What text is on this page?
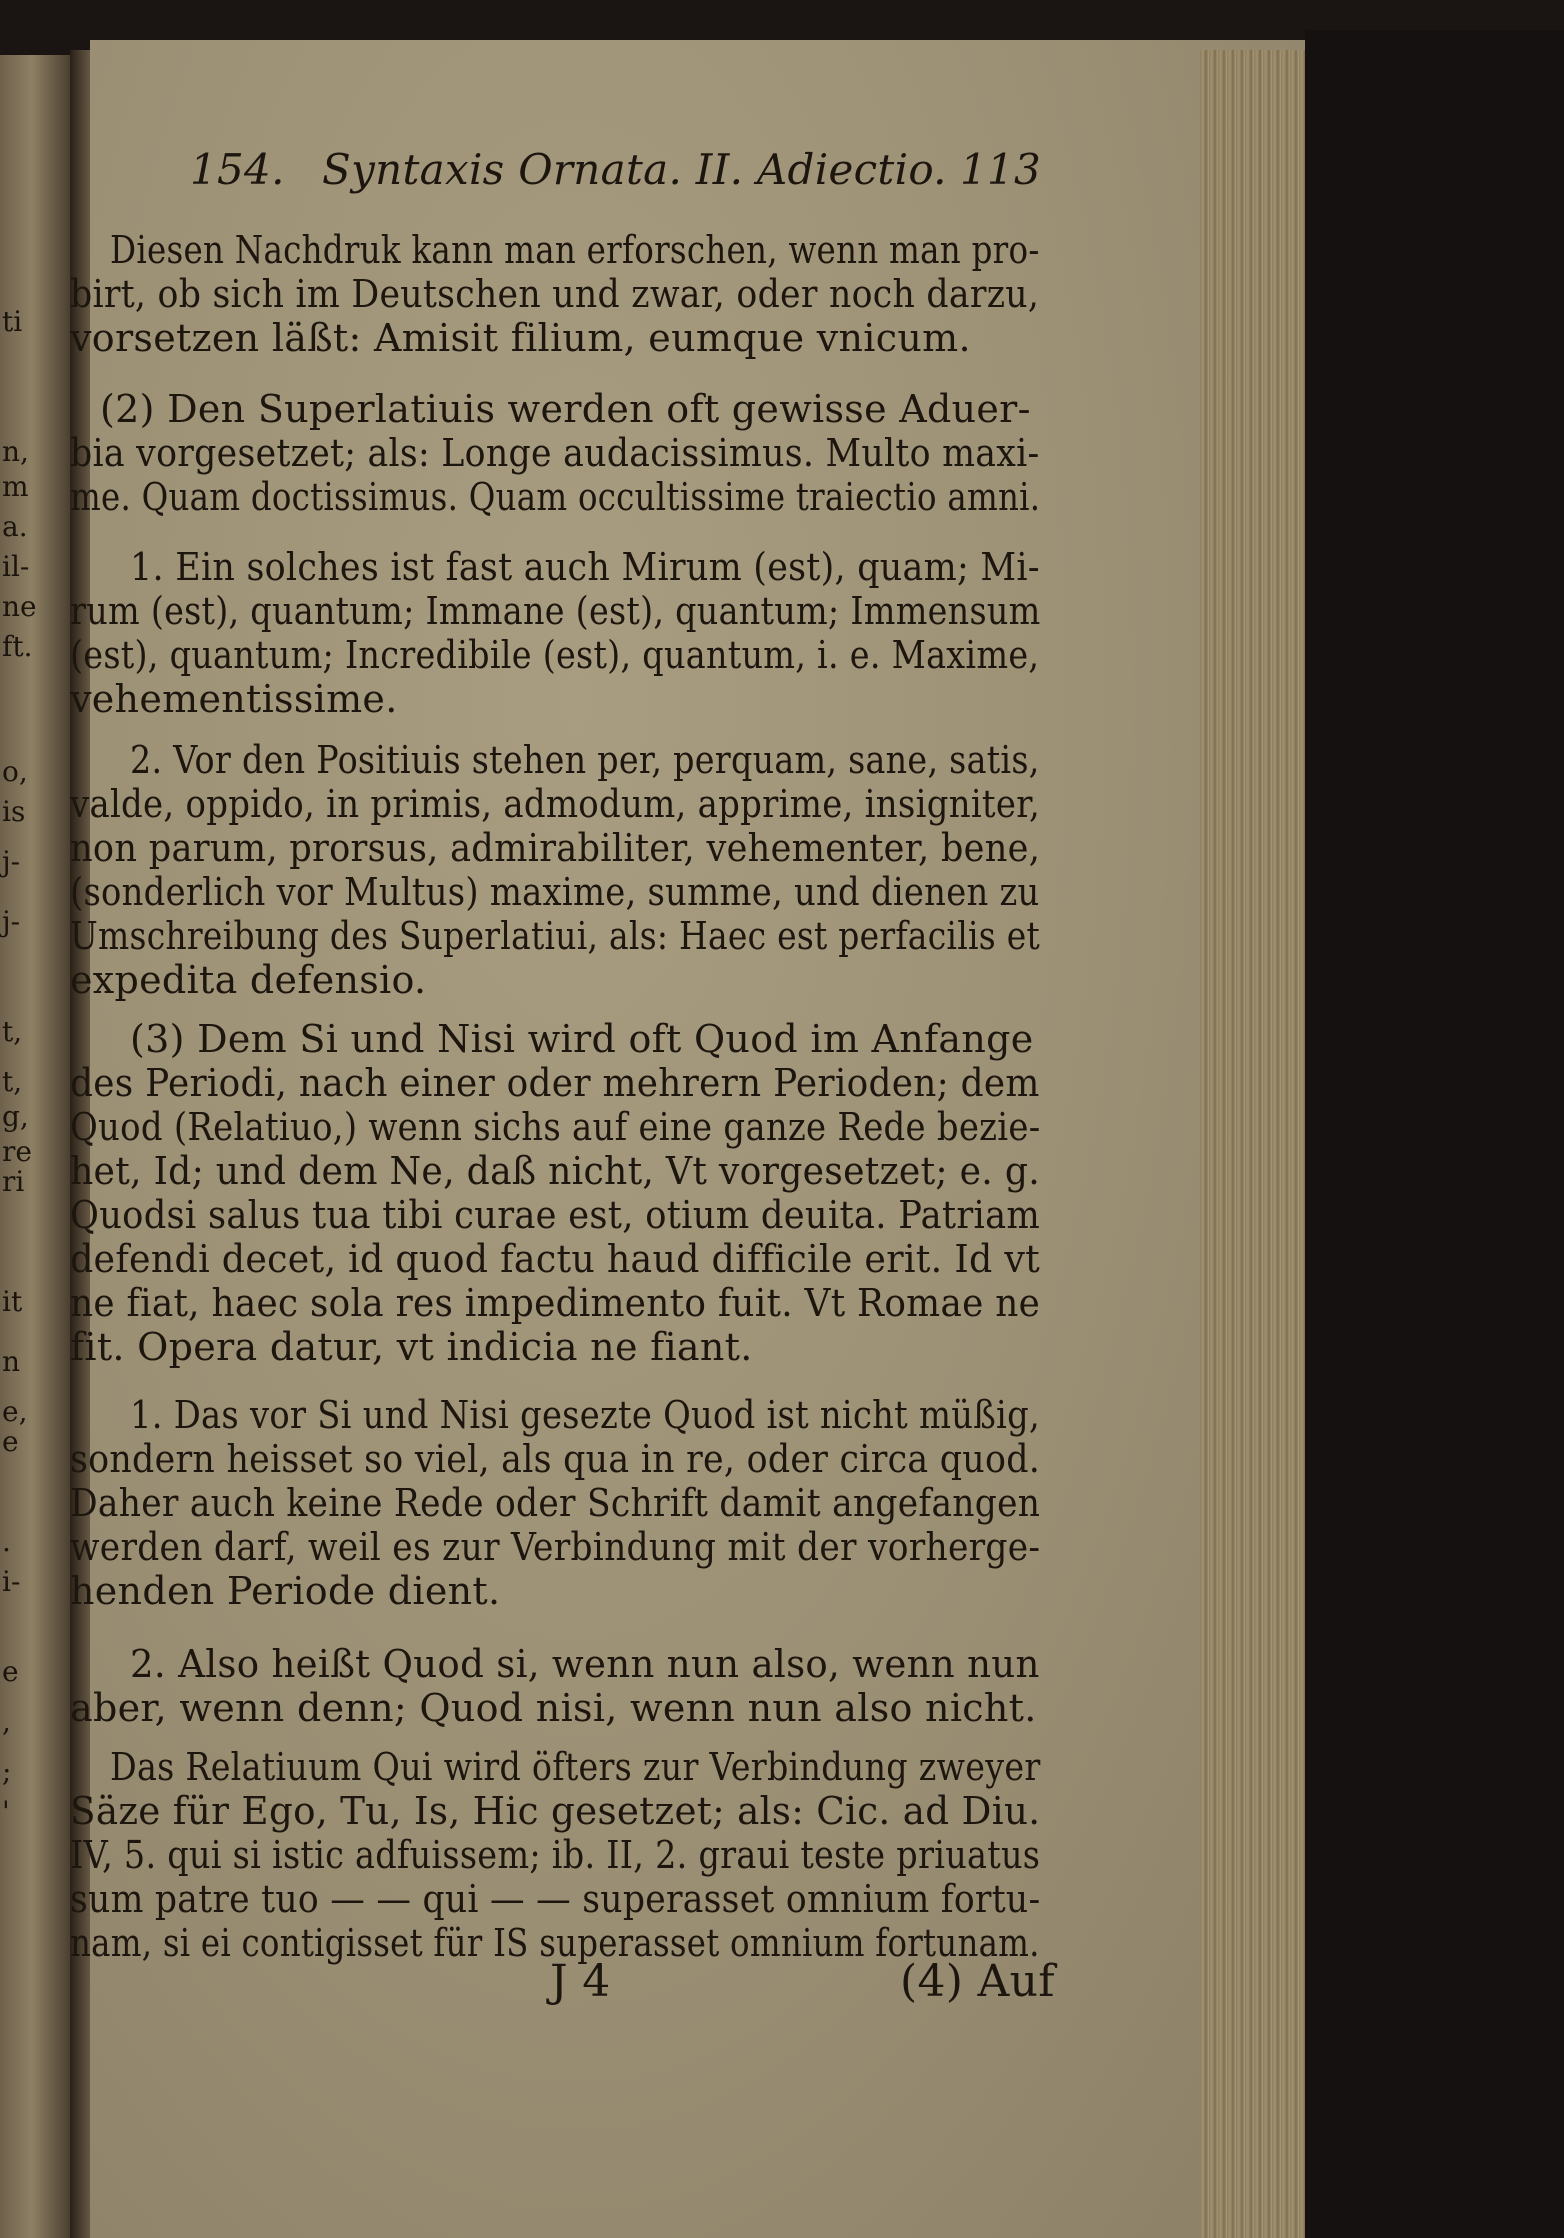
ti
n,
m
a.
il-
ne
ft.
o,
is
j-
j-
t,
t,
g,
re
ri
it
n
e,
e
.
i-
e
,
;
'
154. Syntaxis Ornata. II. Adiectio. 113
Diesen Nachdruk kann man erforschen, wenn man pro-
birt, ob sich im Deutschen und zwar, oder noch darzu,
vorsetzen läßt: Amisit filium, eumque vnicum.
(2) Den Superlatiuis werden oft gewisse Aduer-
bia vorgesetzet; als: Longe audacissimus. Multo maxi-
me. Quam doctissimus. Quam occultissime traiectio amni.
1. Ein solches ist fast auch Mirum (est), quam; Mi-
rum (est), quantum; Immane (est), quantum; Immensum
(est), quantum; Incredibile (est), quantum, i. e. Maxime,
vehementissime.
2. Vor den Positiuis stehen per, perquam, sane, satis,
valde, oppido, in primis, admodum, apprime, insigniter,
non parum, prorsus, admirabiliter, vehementer, bene,
(sonderlich vor Multus) maxime, summe, und dienen zu
Umschreibung des Superlatiui, als: Haec est perfacilis et
expedita defensio.
(3) Dem Si und Nisi wird oft Quod im Anfange
des Periodi, nach einer oder mehrern Perioden; dem
Quod (Relatiuo,) wenn sichs auf eine ganze Rede bezie-
het, Id; und dem Ne, daß nicht, Vt vorgesetzet; e. g.
Quodsi salus tua tibi curae est, otium deuita. Patriam
defendi decet, id quod factu haud difficile erit. Id vt
ne fiat, haec sola res impedimento fuit. Vt Romae ne
fit. Opera datur, vt indicia ne fiant.
1. Das vor Si und Nisi gesezte Quod ist nicht müßig,
sondern heisset so viel, als qua in re, oder circa quod.
Daher auch keine Rede oder Schrift damit angefangen
werden darf, weil es zur Verbindung mit der vorherge-
henden Periode dient.
2. Also heißt Quod si, wenn nun also, wenn nun
aber, wenn denn; Quod nisi, wenn nun also nicht.
Das Relatiuum Qui wird öfters zur Verbindung zweyer
Säze für Ego, Tu, Is, Hic gesetzet; als: Cic. ad Diu.
IV, 5. qui si istic adfuissem; ib. II, 2. graui teste priuatus
sum patre tuo — — qui — — superasset omnium fortu-
nam, si ei contigisset für IS superasset omnium fortunam.
J 4	(4) Auf
